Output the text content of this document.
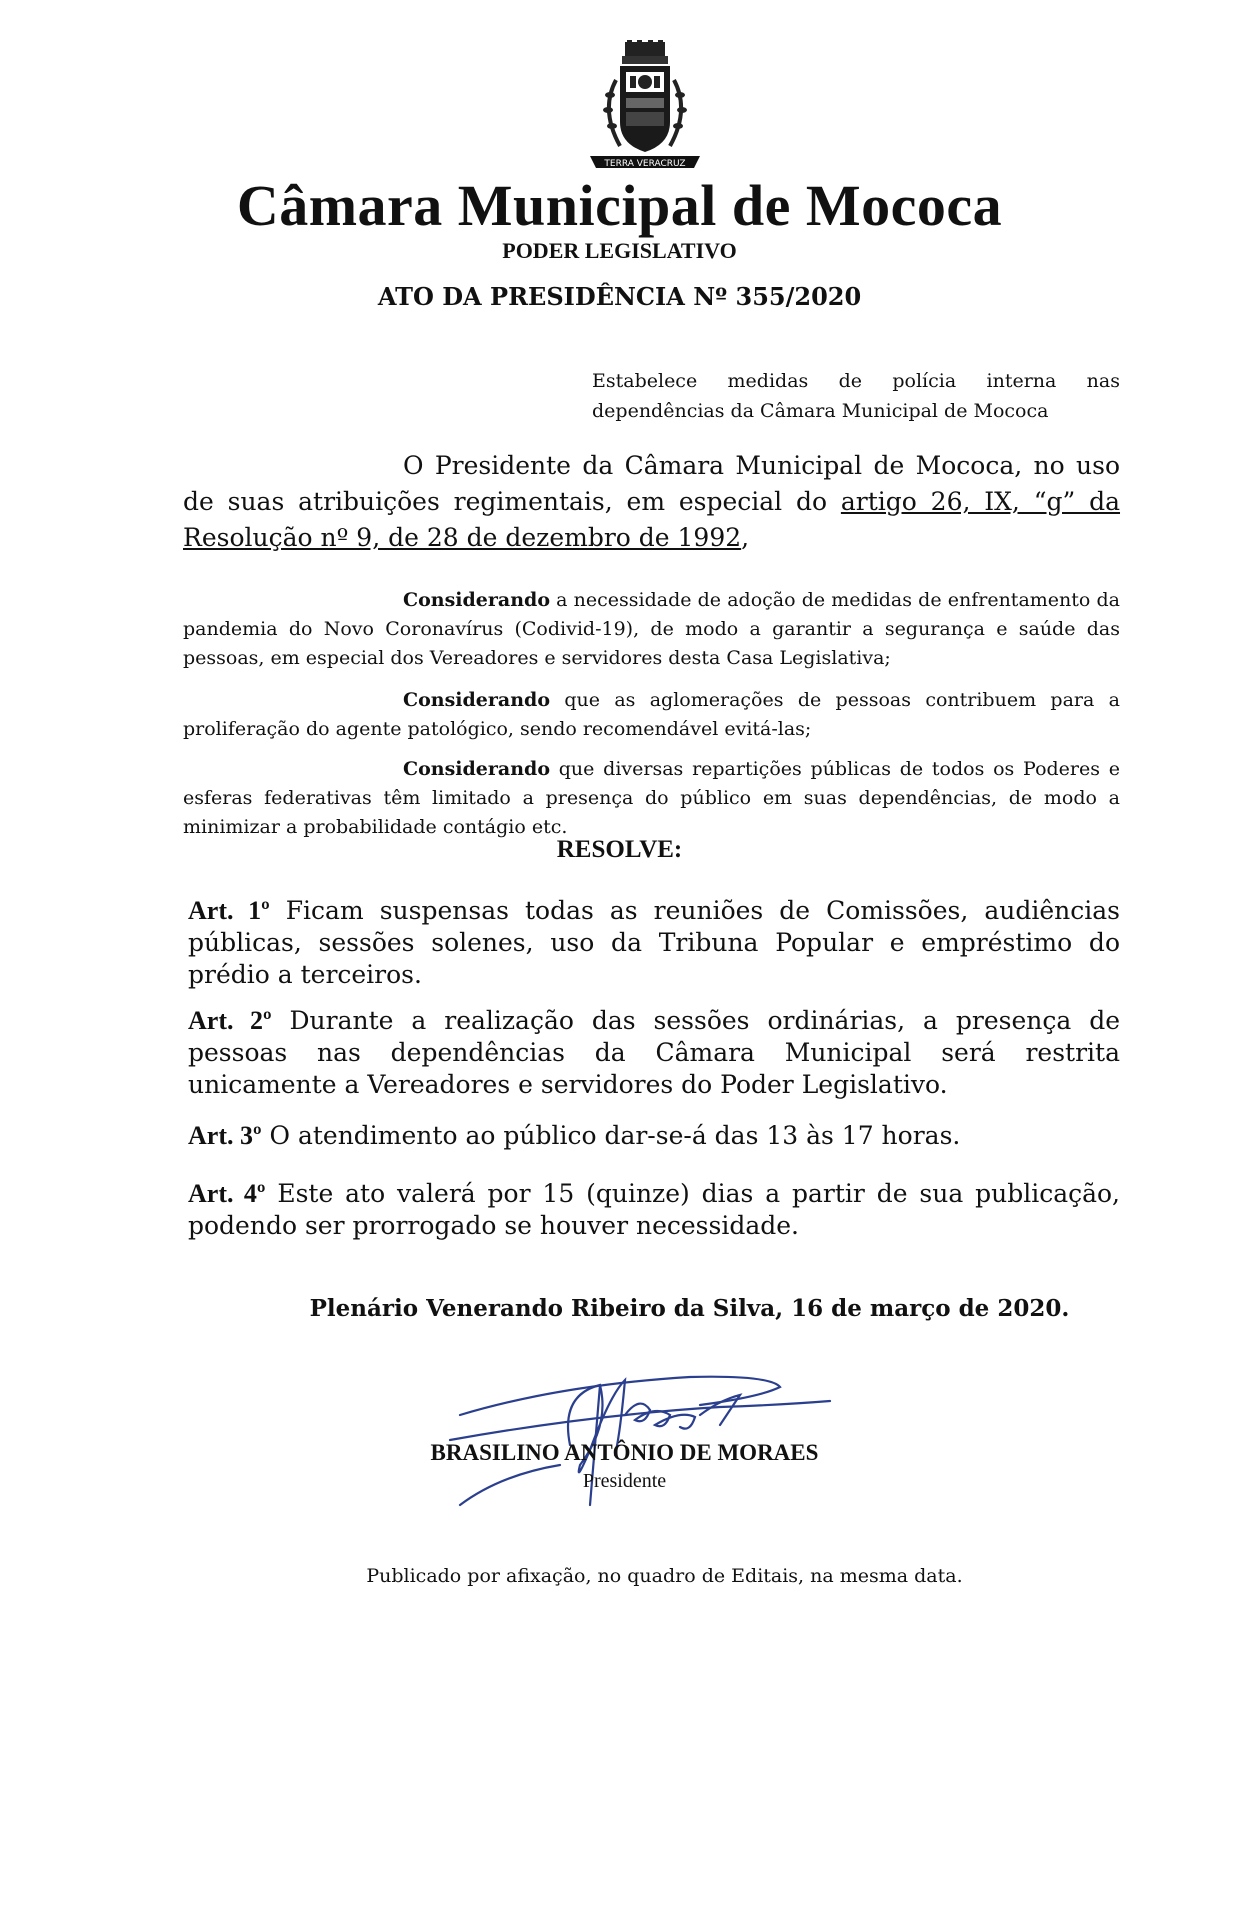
TERRA VERACRUZ
Câmara Municipal de Mococa
PODER LEGISLATIVO
ATO DA PRESIDÊNCIA Nº 355/2020
Estabelece medidas de polícia interna nas dependências da Câmara Municipal de Mococa
O Presidente da Câmara Municipal de Mococa, no uso de suas atribuições regimentais, em especial do artigo 26, IX, “g” da Resolução nº 9, de 28 de dezembro de 1992,
Considerando a necessidade de adoção de medidas de enfrentamento da pandemia do Novo Coronavírus (Codivid-19), de modo a garantir a segurança e saúde das pessoas, em especial dos Vereadores e servidores desta Casa Legislativa;
Considerando que as aglomerações de pessoas contribuem para a proliferação do agente patológico, sendo recomendável evitá-las;
Considerando que diversas repartições públicas de todos os Poderes e esferas federativas têm limitado a presença do público em suas dependências, de modo a minimizar a probabilidade contágio etc.
RESOLVE:
Art. 1º Ficam suspensas todas as reuniões de Comissões, audiências públicas, sessões solenes, uso da Tribuna Popular e empréstimo do prédio a terceiros.
Art. 2º Durante a realização das sessões ordinárias, a presença de pessoas nas dependências da Câmara Municipal será restrita unicamente a Vereadores e servidores do Poder Legislativo.
Art. 3º O atendimento ao público dar-se-á das 13 às 17 horas.
Art. 4º Este ato valerá por 15 (quinze) dias a partir de sua publicação, podendo ser prorrogado se houver necessidade.
Plenário Venerando Ribeiro da Silva, 16 de março de 2020.
BRASILINO ANTÔNIO DE MORAES
Presidente
Publicado por afixação, no quadro de Editais, na mesma data.
